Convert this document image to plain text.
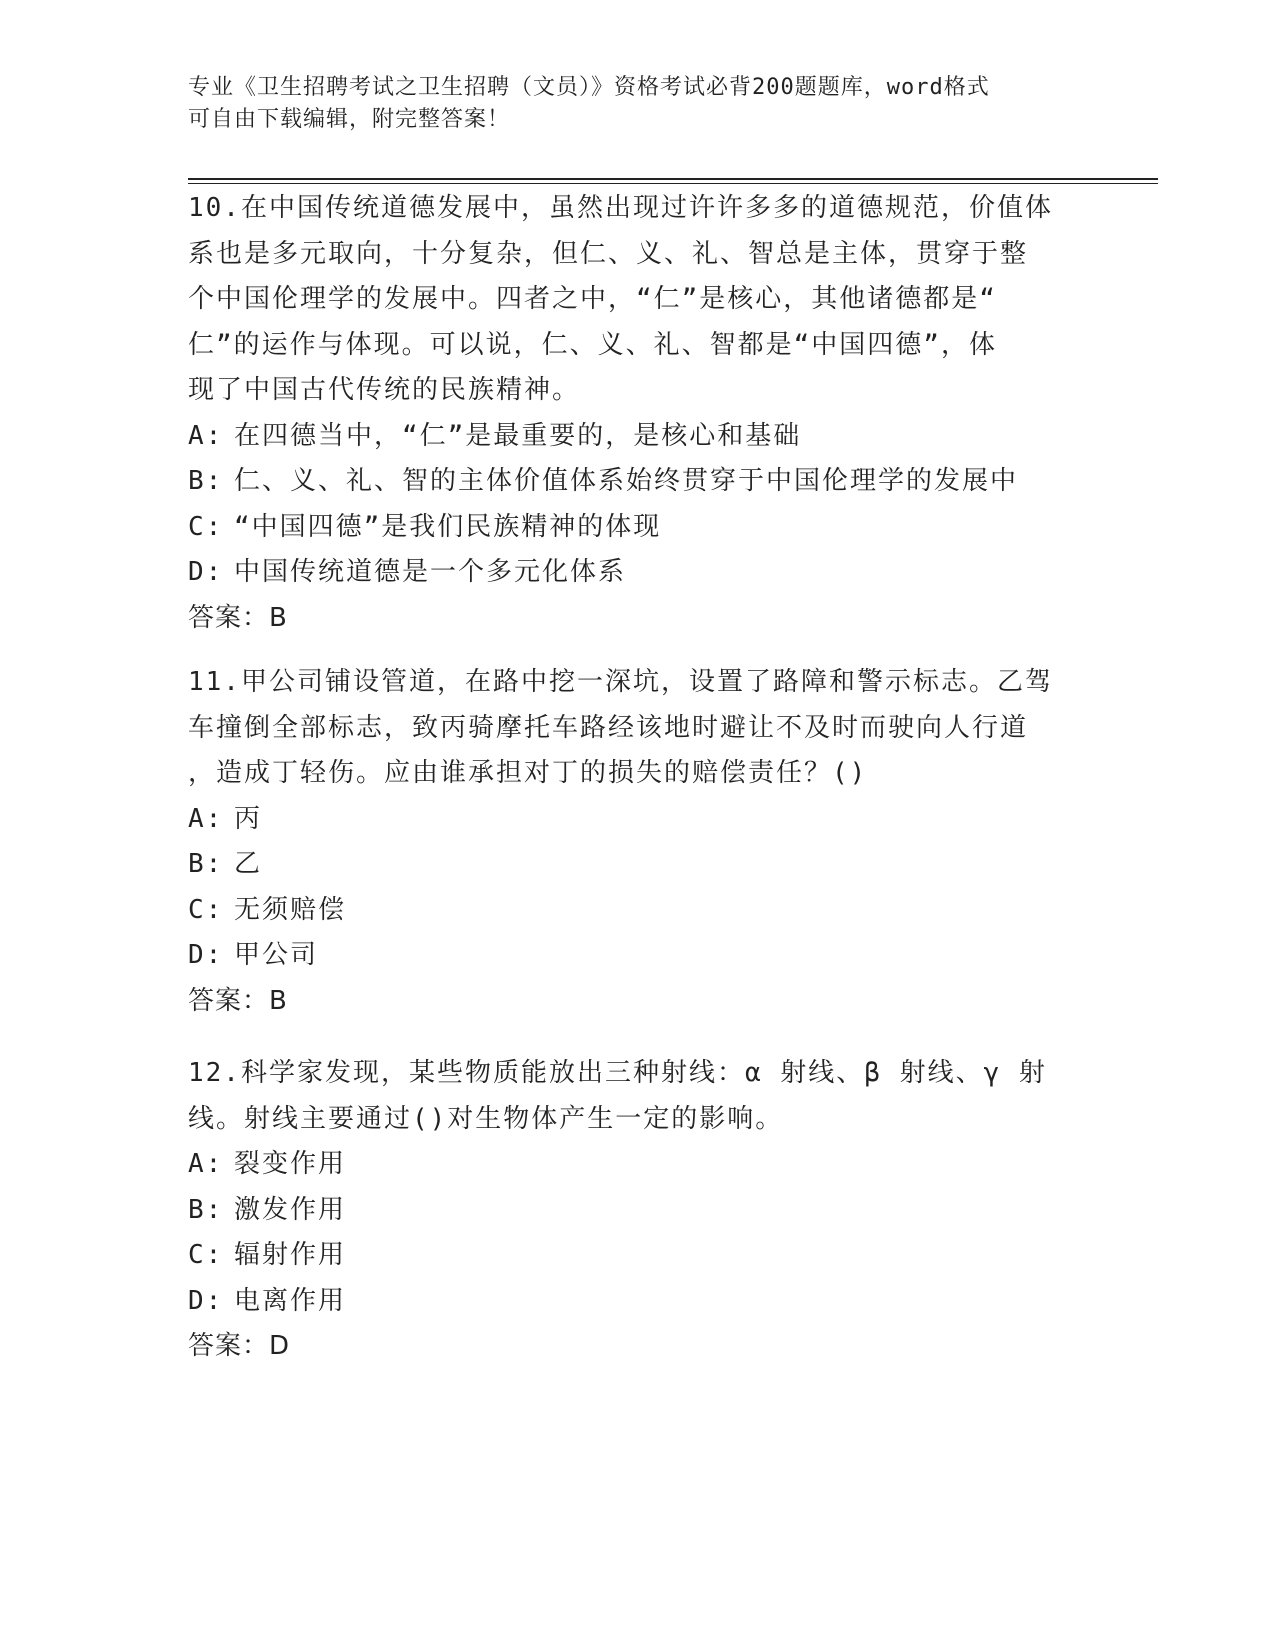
专业《卫生招聘考试之卫生招聘（文员）》资格考试必背200题题库，word格式
可自由下载编辑，附完整答案！
10.在中国传统道德发展中，虽然出现过许许多多的道德规范，价值体
系也是多元取向，十分复杂，但仁、义、礼、智总是主体，贯穿于整
个中国伦理学的发展中。四者之中，“仁”是核心，其他诸德都是“
仁”的运作与体现。可以说，仁、义、礼、智都是“中国四德”，体
现了中国古代传统的民族精神。
A: 在四德当中，“仁”是最重要的，是核心和基础
B: 仁、义、礼、智的主体价值体系始终贯穿于中国伦理学的发展中
C: “中国四德”是我们民族精神的体现
D: 中国传统道德是一个多元化体系
答案：B
11.甲公司铺设管道，在路中挖一深坑，设置了路障和警示标志。乙驾
车撞倒全部标志，致丙骑摩托车路经该地时避让不及时而驶向人行道
，造成丁轻伤。应由谁承担对丁的损失的赔偿责任？()
A: 丙
B: 乙
C: 无须赔偿
D: 甲公司
答案：B
12.科学家发现，某些物质能放出三种射线：α 射线、β 射线、γ 射
线。射线主要通过()对生物体产生一定的影响。
A: 裂变作用
B: 激发作用
C: 辐射作用
D: 电离作用
答案：D
